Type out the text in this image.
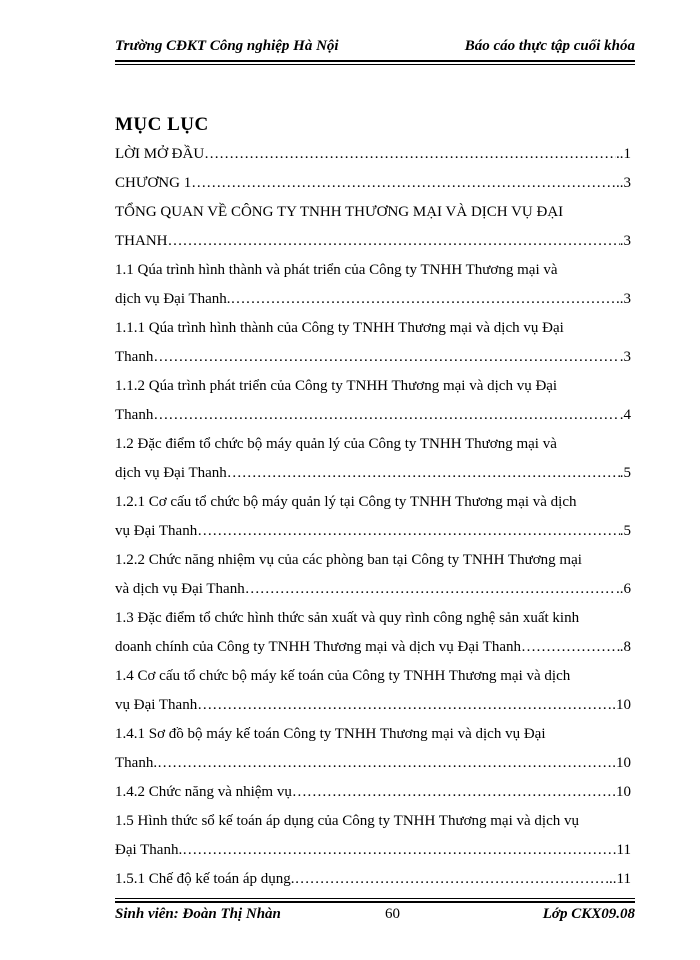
Trường CĐKT Công nghiệp Hà Nội	Báo cáo thực tập cuối khóa
MỤC LỤC
LỜI MỞ ĐẦU ………………………………………………………………………………………………………………………………………………………………………………	..1
CHƯƠNG 1 ………………………………………………………………………………………………………………………………………………………………………………	..3
TỔNG QUAN VỀ CÔNG TY TNHH THƯƠNG MẠI VÀ DỊCH VỤ ĐẠI
THANH ………………………………………………………………………………………………………………………………………………………………………………	.3
1.1 Qúa trình hình thành và phát triển của Công ty TNHH Thương mại và
dịch vụ Đại Thanh. ………………………………………………………………………………………………………………………………………………………………………………	..3
1.1.1 Qúa trình hình thành của Công ty TNHH Thương mại và dịch vụ Đại
Thanh ………………………………………………………………………………………………………………………………………………………………………………	.3
1.1.2 Qúa trình phát triển của Công ty TNHH Thương mại và dịch vụ Đại
Thanh ………………………………………………………………………………………………………………………………………………………………………………	.4
1.2 Đặc điểm tổ chức bộ máy quản lý của Công ty TNHH Thương mại và
dịch vụ Đại Thanh ………………………………………………………………………………………………………………………………………………………………………………	.5
1.2.1 Cơ cấu tổ chức bộ máy quản lý tại Công ty TNHH Thương mại và dịch
vụ Đại Thanh ………………………………………………………………………………………………………………………………………………………………………………	.5
1.2.2 Chức năng nhiệm vụ của các phòng ban tại Công ty TNHH Thương mại
và dịch vụ Đại Thanh ………………………………………………………………………………………………………………………………………………………………………………	..6
1.3 Đặc điểm tổ chức hình thức sản xuất và quy rình công nghệ sản xuất kinh
doanh chính của Công ty TNHH Thương mại và dịch vụ Đại Thanh ………………………………………………………………………………………………………………………………………………………………………………	.8
1.4 Cơ cấu tổ chức bộ máy kế toán của Công ty TNHH Thương mại và dịch
vụ Đại Thanh ………………………………………………………………………………………………………………………………………………………………………………	.10
1.4.1 Sơ đồ bộ máy kế toán Công ty TNHH Thương mại và dịch vụ Đại
Thanh. ………………………………………………………………………………………………………………………………………………………………………………	.10
1.4.2 Chức năng và nhiệm vụ ………………………………………………………………………………………………………………………………………………………………………………	.10
1.5 Hình thức sổ kế toán áp dụng của Công ty TNHH Thương mại và dịch vụ
Đại Thanh. ………………………………………………………………………………………………………………………………………………………………………………	.11
1.5.1 Chế độ kế toán áp dụng. ………………………………………………………………………………………………………………………………………………………………………………	..11
Sinh viên: Đoàn Thị Nhàn	60	Lớp CKX09.08
